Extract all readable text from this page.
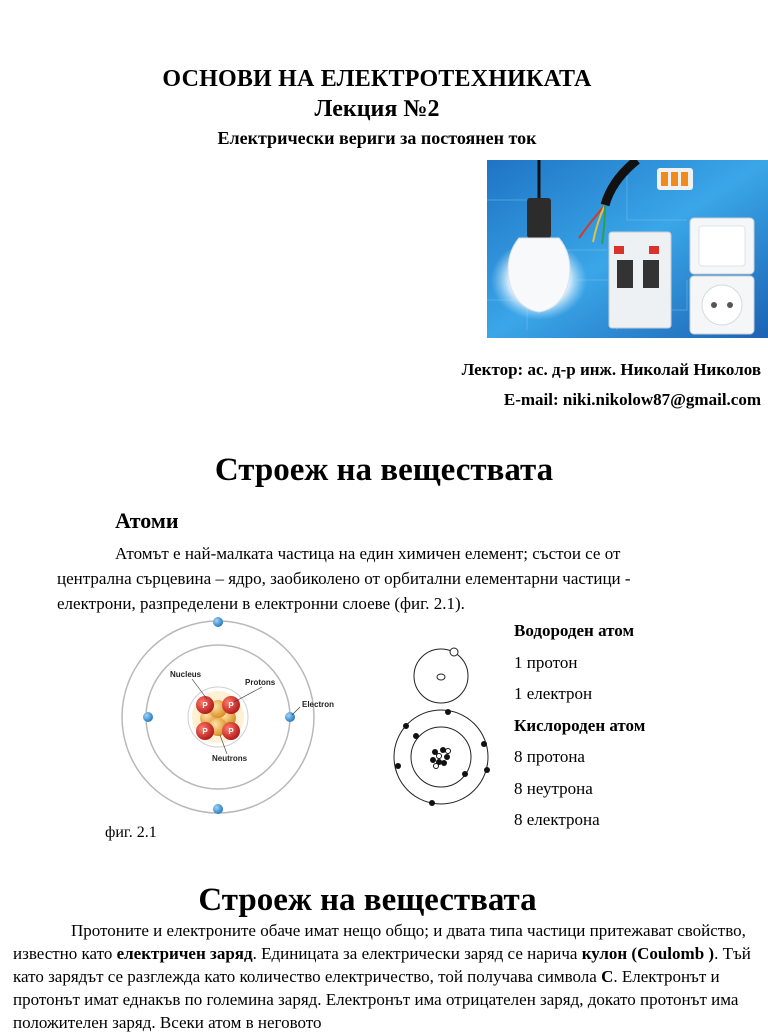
ОСНОВИ НА ЕЛЕКТРОТЕХНИКАТА
Лекция №2
Електрически вериги за постоянен ток
Лектор: ас. д-р инж. Николай Николов
E-mail: niki.nikolow87@gmail.com
Строеж на веществата
Атоми
Атомът е най-малката частица на един химичен елемент; състои се от централна сърцевина – ядро, заобиколено от орбитални елементарни частици - електрони, разпределени в електронни слоеве (фиг. 2.1).
P	P
P	P
Nucleus
Protons
Electron
Neutrons
фиг. 2.1
Водороден атом
1 протон
1 електрон
Кислороден атом
8 протона
8 неутрона
8 електрона
Строеж на веществата
Протоните и електроните обаче имат нещо общо; и двата типа частици притежават свойство, известно като електричен заряд. Единицата за електрически заряд се нарича кулон (Coulomb ). Тъй като зарядът се разглежда като количество електричество, той получава символа С. Електронът и протонът имат еднакъв по големина заряд. Електронът има отрицателен заряд, докато протонът има положителен заряд. Всеки атом в неговото
